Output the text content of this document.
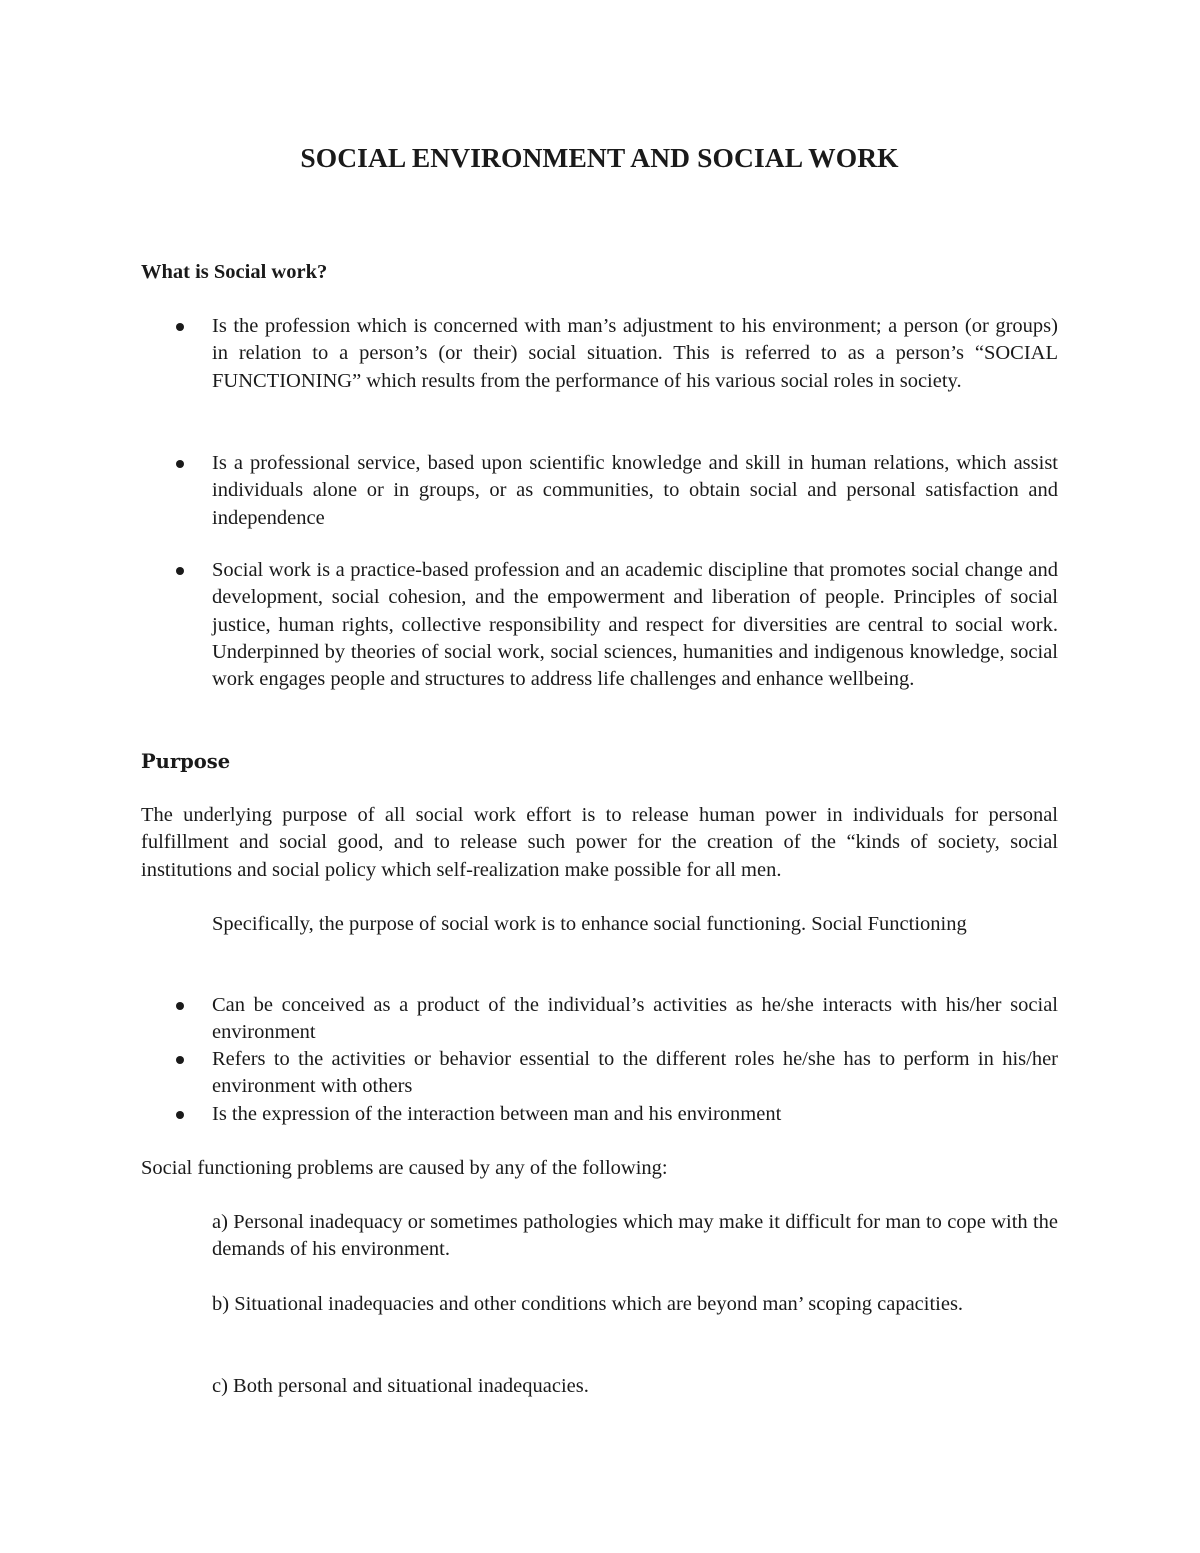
SOCIAL ENVIRONMENT AND SOCIAL WORK
What is Social work?
Is the profession which is concerned with man’s adjustment to his environment; a person (or groups) in relation to a person’s (or their) social situation. This is referred to as a person’s “SOCIAL FUNCTIONING” which results from the performance of his various social roles in society.
Is a professional service, based upon scientific knowledge and skill in human relations, which assist individuals alone or in groups, or as communities, to obtain social and personal satisfaction and independence
Social work is a practice-based profession and an academic discipline that promotes social change and development, social cohesion, and the empowerment and liberation of people. Principles of social justice, human rights, collective responsibility and respect for diversities are central to social work. Underpinned by theories of social work, social sciences, humanities and indigenous knowledge, social work engages people and structures to address life challenges and enhance wellbeing.
Purpose

The underlying purpose of all social work effort is to release human power in individuals for personal fulfillment and social good, and to release such power for the creation of the “kinds of society, social institutions and social policy which self-realization make possible for all men.

Specifically, the purpose of social work is to enhance social functioning. Social Functioning

Can be conceived as a product of the individual’s activities as he/she interacts with his/her social environment
Refers to the activities or behavior essential to the different roles he/she has to perform in his/her environment with others
Is the expression of the interaction between man and his environment

Social functioning problems are caused by any of the following:

a) Personal inadequacy or sometimes pathologies which may make it difficult for man to cope with the demands of his environment.

b) Situational inadequacies and other conditions which are beyond man’ scoping capacities.

c) Both personal and situational inadequacies.
